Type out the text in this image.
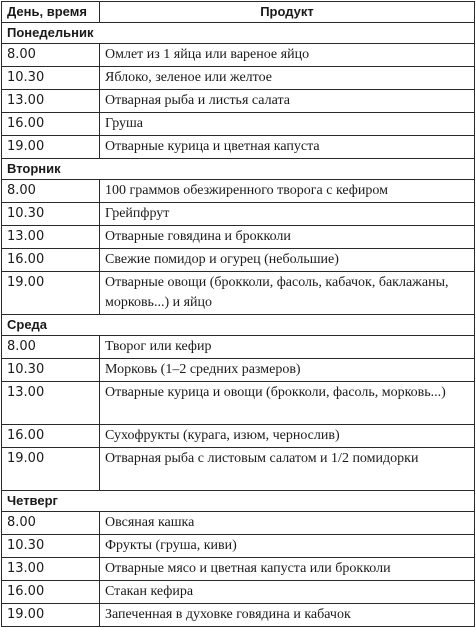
День, время	Продукт
Понедельник	
8.00	Омлет из 1 яйца или вареное яйцо
10.30	Яблоко, зеленое или желтое
13.00	Отварная рыба и листья салата
16.00	Груша
19.00	Отварные курица и цветная капуста
Вторник	
8.00	100 граммов обезжиренного творога с кефиром
10.30	Грейпфрут
13.00	Отварные говядина и брокколи
16.00	Свежие помидор и огурец (небольшие)
19.00	Отварные овощи (брокколи, фасоль, кабачок, баклажаны, морковь...) и яйцо
Среда	
8.00	Творог или кефир
10.30	Морковь (1–2 средних размеров)
13.00	Отварные курица и овощи (брокколи, фасоль, морковь...)
16.00	Сухофрукты (курага, изюм, чернослив)
19.00	Отварная рыба с листовым салатом и 1/2 помидорки
Четверг	
8.00	Овсяная кашка
10.30	Фрукты (груша, киви)
13.00	Отварные мясо и цветная капуста или брокколи
16.00	Стакан кефира
19.00	Запеченная в духовке говядина и кабачок
